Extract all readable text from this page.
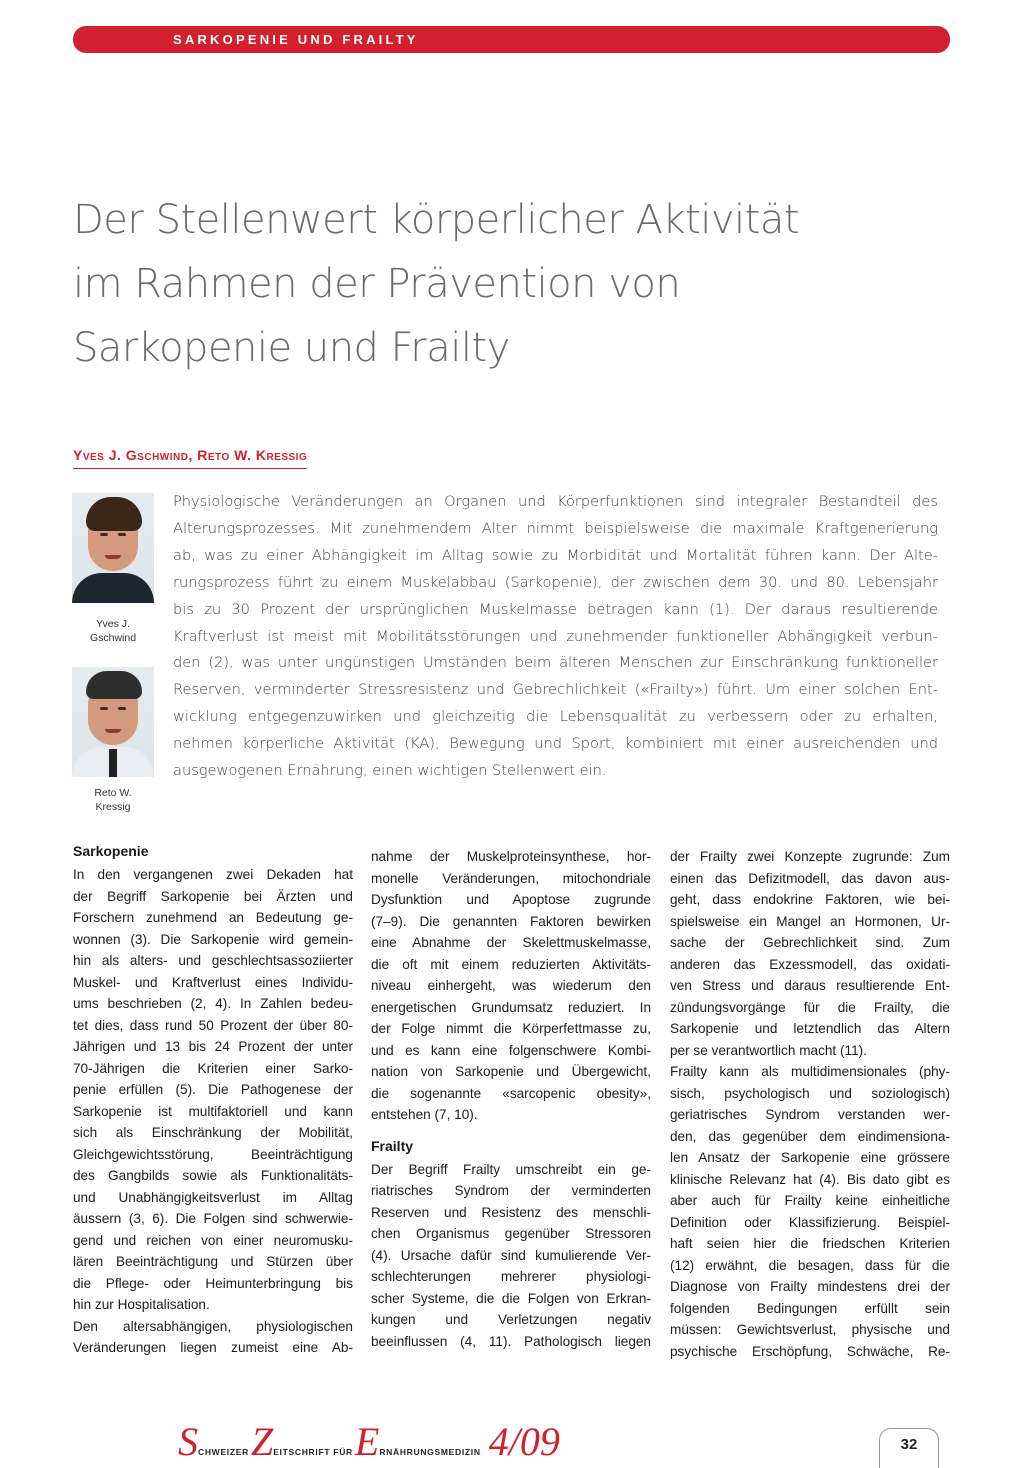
SARKOPENIE UND FRAILTY
Der Stellenwert körperlicher Aktivität
im Rahmen der Prävention von
Sarkopenie und Frailty
Yves J. Gschwind, Reto W. Kressig
Yves J.
Gschwind
Reto W.
Kressig
Physiologische Veränderungen an Organen und Körperfunktionen sind integraler Bestandteil des
Alterungsprozesses. Mit zunehmendem Alter nimmt beispielsweise die maximale Kraftgenerierung
ab, was zu einer Abhängigkeit im Alltag sowie zu Morbidität und Mortalität führen kann. Der Alte-
rungsprozess führt zu einem Muskelabbau (Sarkopenie), der zwischen dem 30. und 80. Lebensjahr
bis zu 30 Prozent der ursprünglichen Muskelmasse betragen kann (1). Der daraus resultierende
Kraftverlust ist meist mit Mobilitätsstörungen und zunehmender funktioneller Abhängigkeit verbun-
den (2), was unter ungünstigen Umständen beim älteren Menschen zur Einschränkung funktioneller
Reserven, verminderter Stressresistenz und Gebrechlichkeit («Frailty») führt. Um einer solchen Ent-
wicklung entgegenzuwirken und gleichzeitig die Lebensqualität zu verbessern oder zu erhalten,
nehmen körperliche Aktivität (KA), Bewegung und Sport, kombiniert mit einer ausreichenden und
ausgewogenen Ernährung, einen wichtigen Stellenwert ein.
Sarkopenie
In den vergangenen zwei Dekaden hat
der Begriff Sarkopenie bei Ärzten und
Forschern zunehmend an Bedeutung ge-
wonnen (3). Die Sarkopenie wird gemein-
hin als alters- und geschlechtsassoziierter
Muskel- und Kraftverlust eines Individu-
ums beschrieben (2, 4). In Zahlen bedeu-
tet dies, dass rund 50 Prozent der über 80-
Jährigen und 13 bis 24 Prozent der unter
70-Jährigen die Kriterien einer Sarko-
penie erfüllen (5). Die Pathogenese der
Sarkopenie ist multifaktoriell und kann
sich als Einschränkung der Mobilität,
Gleichgewichtsstörung, Beeinträchtigung
des Gangbilds sowie als Funktionalitäts-
und Unabhängigkeitsverlust im Alltag
äussern (3, 6). Die Folgen sind schwerwie-
gend und reichen von einer neuromusku-
lären Beeinträchtigung und Stürzen über
die Pflege- oder Heimunterbringung bis
hin zur Hospitalisation.
Den altersabhängigen, physiologischen
Veränderungen liegen zumeist eine Ab-
nahme der Muskelproteinsynthese, hor-
monelle Veränderungen, mitochondriale
Dysfunktion und Apoptose zugrunde
(7–9). Die genannten Faktoren bewirken
eine Abnahme der Skelettmuskelmasse,
die oft mit einem reduzierten Aktivitäts-
niveau einhergeht, was wiederum den
energetischen Grundumsatz reduziert. In
der Folge nimmt die Körperfettmasse zu,
und es kann eine folgenschwere Kombi-
nation von Sarkopenie und Übergewicht,
die sogenannte «sarcopenic obesity»,
entstehen (7, 10).
Frailty
Der Begriff Frailty umschreibt ein ge-
riatrisches Syndrom der verminderten
Reserven und Resistenz des menschli-
chen Organismus gegenüber Stressoren
(4). Ursache dafür sind kumulierende Ver-
schlechterungen mehrerer physiologi-
scher Systeme, die die Folgen von Erkran-
kungen und Verletzungen negativ
beeinflussen (4, 11). Pathologisch liegen
der Frailty zwei Konzepte zugrunde: Zum
einen das Defizitmodell, das davon aus-
geht, dass endokrine Faktoren, wie bei-
spielsweise ein Mangel an Hormonen, Ur-
sache der Gebrechlichkeit sind. Zum
anderen das Exzessmodell, das oxidati-
ven Stress und daraus resultierende Ent-
zündungsvorgänge für die Frailty, die
Sarkopenie und letztendlich das Altern
per se verantwortlich macht (11).
Frailty kann als multidimensionales (phy-
sisch, psychologisch und soziologisch)
geriatrisches Syndrom verstanden wer-
den, das gegenüber dem eindimensiona-
len Ansatz der Sarkopenie eine grössere
klinische Relevanz hat (4). Bis dato gibt es
aber auch für Frailty keine einheitliche
Definition oder Klassifizierung. Beispiel-
haft seien hier die friedschen Kriterien
(12) erwähnt, die besagen, dass für die
Diagnose von Frailty mindestens drei der
folgenden Bedingungen erfüllt sein
müssen: Gewichtsverlust, physische und
psychische Erschöpfung, Schwäche, Re-
S CHWEIZER Z EITSCHRIFT FÜR E RNÄHRUNGSMEDIZIN 4/09	32
